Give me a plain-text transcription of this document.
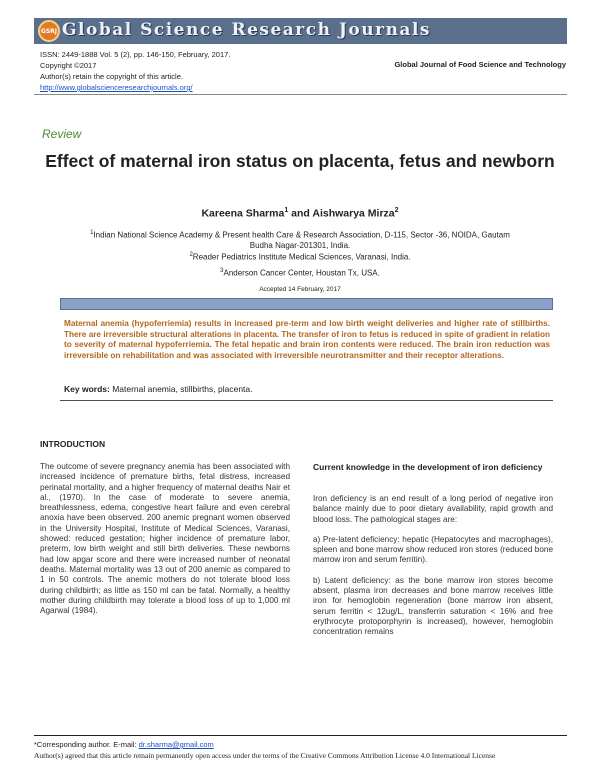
GSRJ Global Science Research Journals
ISSN: 2449-1888 Vol. 5 (2), pp. 146-150, February, 2017.
Copyright ©2017
Author(s) retain the copyright of this article.
http://www.globalscienceresearchjournals.org/
Global Journal of Food Science and Technology
Review
Effect of maternal iron status on placenta, fetus and newborn
Kareena Sharma$^1$ and Aishwarya Mirza$^2$
$^1$Indian National Science Academy & Present health Care & Research Association, D-115, Sector -36, NOIDA, Gautam
Budha Nagar-201301, India.
$^2$Reader Pediatrics Institute Medical Sciences, Varanasi, India.
$^3$Anderson Cancer Center, Houstan Tx, USA.
Accepted 14 February, 2017
Maternal anemia (hypoferriemia) results in increased pre-term and low birth weight deliveries and higher rate of stillbirths. There are irreversible structural alterations in placenta. The transfer of iron to fetus is reduced in spite of gradient in relation to severity of maternal hypoferriemia. The fetal hepatic and brain iron contents were reduced. The brain iron reduction was irreversible on rehabilitation and was associated with irreversible neurotransmitter and their receptor alterations.
Key words: Maternal anemia, stillbirths, placenta.
INTRODUCTION
The outcome of severe pregnancy anemia has been associated with increased incidence of premature births, fetal distress, increased perinatal mortality, and a higher frequency of maternal deaths Nair et al., (1970). In the case of moderate to severe anemia, breathlessness, edema, congestive heart failure and even cerebral anoxia have been observed. 200 anemic pregnant women observed in the University Hospital, Institute of Medical Sciences, Varanasi, showed: reduced gestation; higher incidence of premature labor, preterm, low birth weight and still birth deliveries. These newborns had low apgar score and there were increased number of neonatal deaths. Maternal mortality was 13 out of 200 anemic as compared to 1 in 50 controls. The anemic mothers do not tolerate blood loss during childbirth; as little as 150 ml can be fatal. Normally, a healthy mother during childbirth may tolerate a blood loss of up to 1,000 ml Agarwal (1984).
Current knowledge in the development of iron deficiency

Iron deficiency is an end result of a long period of negative iron balance mainly due to poor dietary availability, rapid growth and blood loss. The pathological stages are:

a) Pre-latent deficiency: hepatic (Hepatocytes and macrophages), spleen and bone marrow show reduced iron stores (reduced bone marrow iron and serum ferritin).

b) Latent deficiency: as the bone marrow iron stores become absent, plasma iron decreases and bone marrow receives little iron for hemoglobin regeneration (bone marrow iron absent, serum ferritin < 12ug/L, transferrin saturation < 16% and free erythrocyte protoporphyrin is increased), however, hemoglobin concentration remains

*Corresponding author. E-mail: dr.sharma@gmail.com
Author(s) agreed that this article remain permanently open access under the terms of the Creative Commons Attribution License 4.0 International License
